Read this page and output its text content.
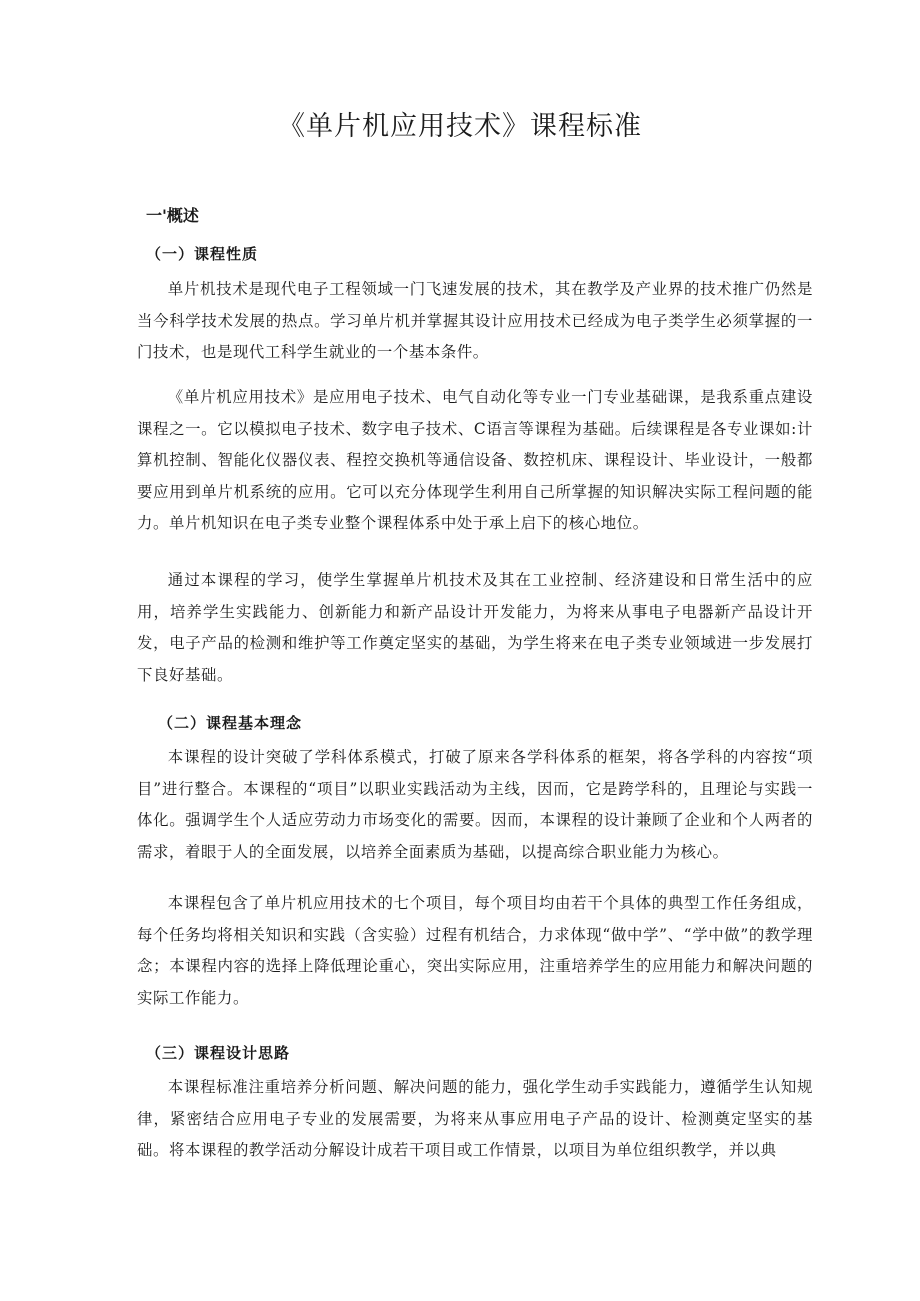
《单片机应用技术》课程标准
一'概述
（一）课程性质

单片机技术是现代电子工程领域一门飞速发展的技术，其在教学及产业界的技术推广仍然是当今科学技术发展的热点。学习单片机并掌握其设计应用技术已经成为电子类学生必须掌握的一门技术，也是现代工科学生就业的一个基本条件。

《单片机应用技术》是应用电子技术、电气自动化等专业一门专业基础课，是我系重点建设课程之一。它以模拟电子技术、数字电子技术、C语言等课程为基础。后续课程是各专业课如:计算机控制、智能化仪器仪表、程控交换机等通信设备、数控机床、课程设计、毕业设计，一般都要应用到单片机系统的应用。它可以充分体现学生利用自己所掌握的知识解决实际工程问题的能力。单片机知识在电子类专业整个课程体系中处于承上启下的核心地位。

通过本课程的学习，使学生掌握单片机技术及其在工业控制、经济建设和日常生活中的应用，培养学生实践能力、创新能力和新产品设计开发能力，为将来从事电子电器新产品设计开发，电子产品的检测和维护等工作奠定坚实的基础，为学生将来在电子类专业领域进一步发展打下良好基础。

（二）课程基本理念

本课程的设计突破了学科体系模式，打破了原来各学科体系的框架，将各学科的内容按“项目”进行整合。本课程的“项目”以职业实践活动为主线，因而，它是跨学科的，且理论与实践一体化。强调学生个人适应劳动力市场变化的需要。因而，本课程的设计兼顾了企业和个人两者的需求，着眼于人的全面发展，以培养全面素质为基础，以提高综合职业能力为核心。

本课程包含了单片机应用技术的七个项目，每个项目均由若干个具体的典型工作任务组成，每个任务均将相关知识和实践（含实验）过程有机结合，力求体现“做中学”、“学中做”的教学理念；本课程内容的选择上降低理论重心，突出实际应用，注重培养学生的应用能力和解决问题的实际工作能力。

（三）课程设计思路

本课程标准注重培养分析问题、解决问题的能力，强化学生动手实践能力，遵循学生认知规律，紧密结合应用电子专业的发展需要，为将来从事应用电子产品的设计、检测奠定坚实的基础。将本课程的教学活动分解设计成若干项目或工作情景，以项目为单位组织教学，并以典
